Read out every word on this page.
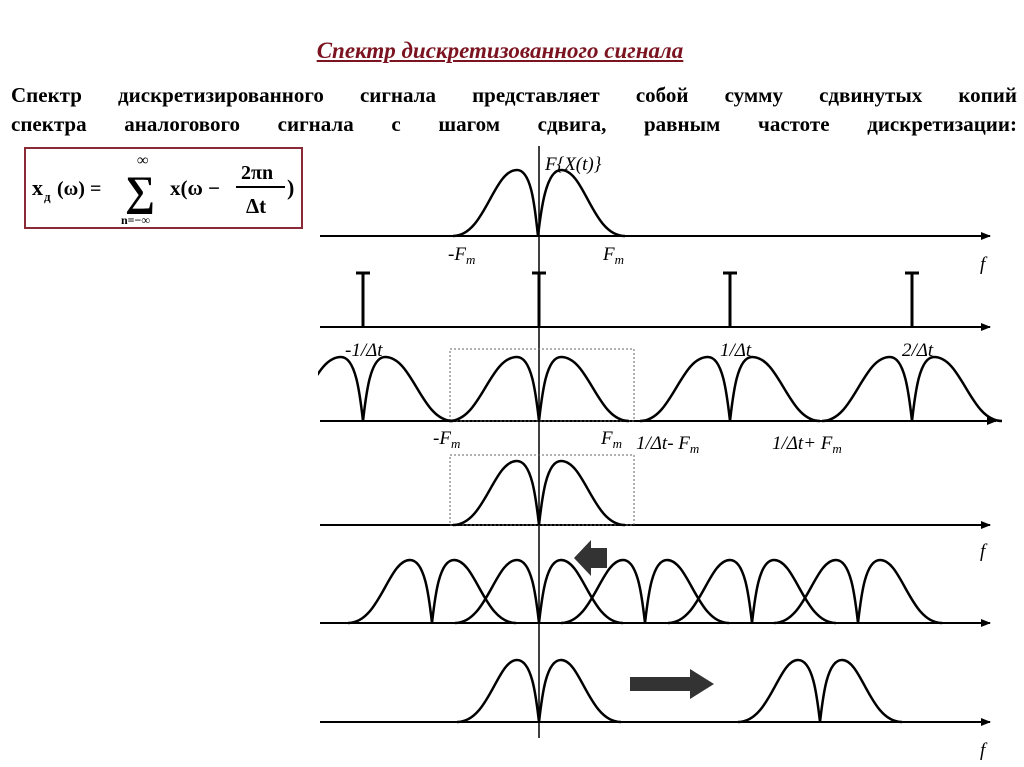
Спектр дискретизованного сигнала
Спектр дискретизированного сигнала представляет собой сумму сдвинутых копий
спектра аналогового сигнала с шагом сдвига, равным частоте дискретизации:
x д (ω) =
∞
∑
n=−∞
x(ω −
2πn
Δt
)
F{X(t)}
$-F_m$	$F_m$	f
-1/Δt	1/Δt	2/Δt
$-F_m$	$F_m$ 1/Δt- $F_m$	$1/\Delta t+ F_m$
f
f
